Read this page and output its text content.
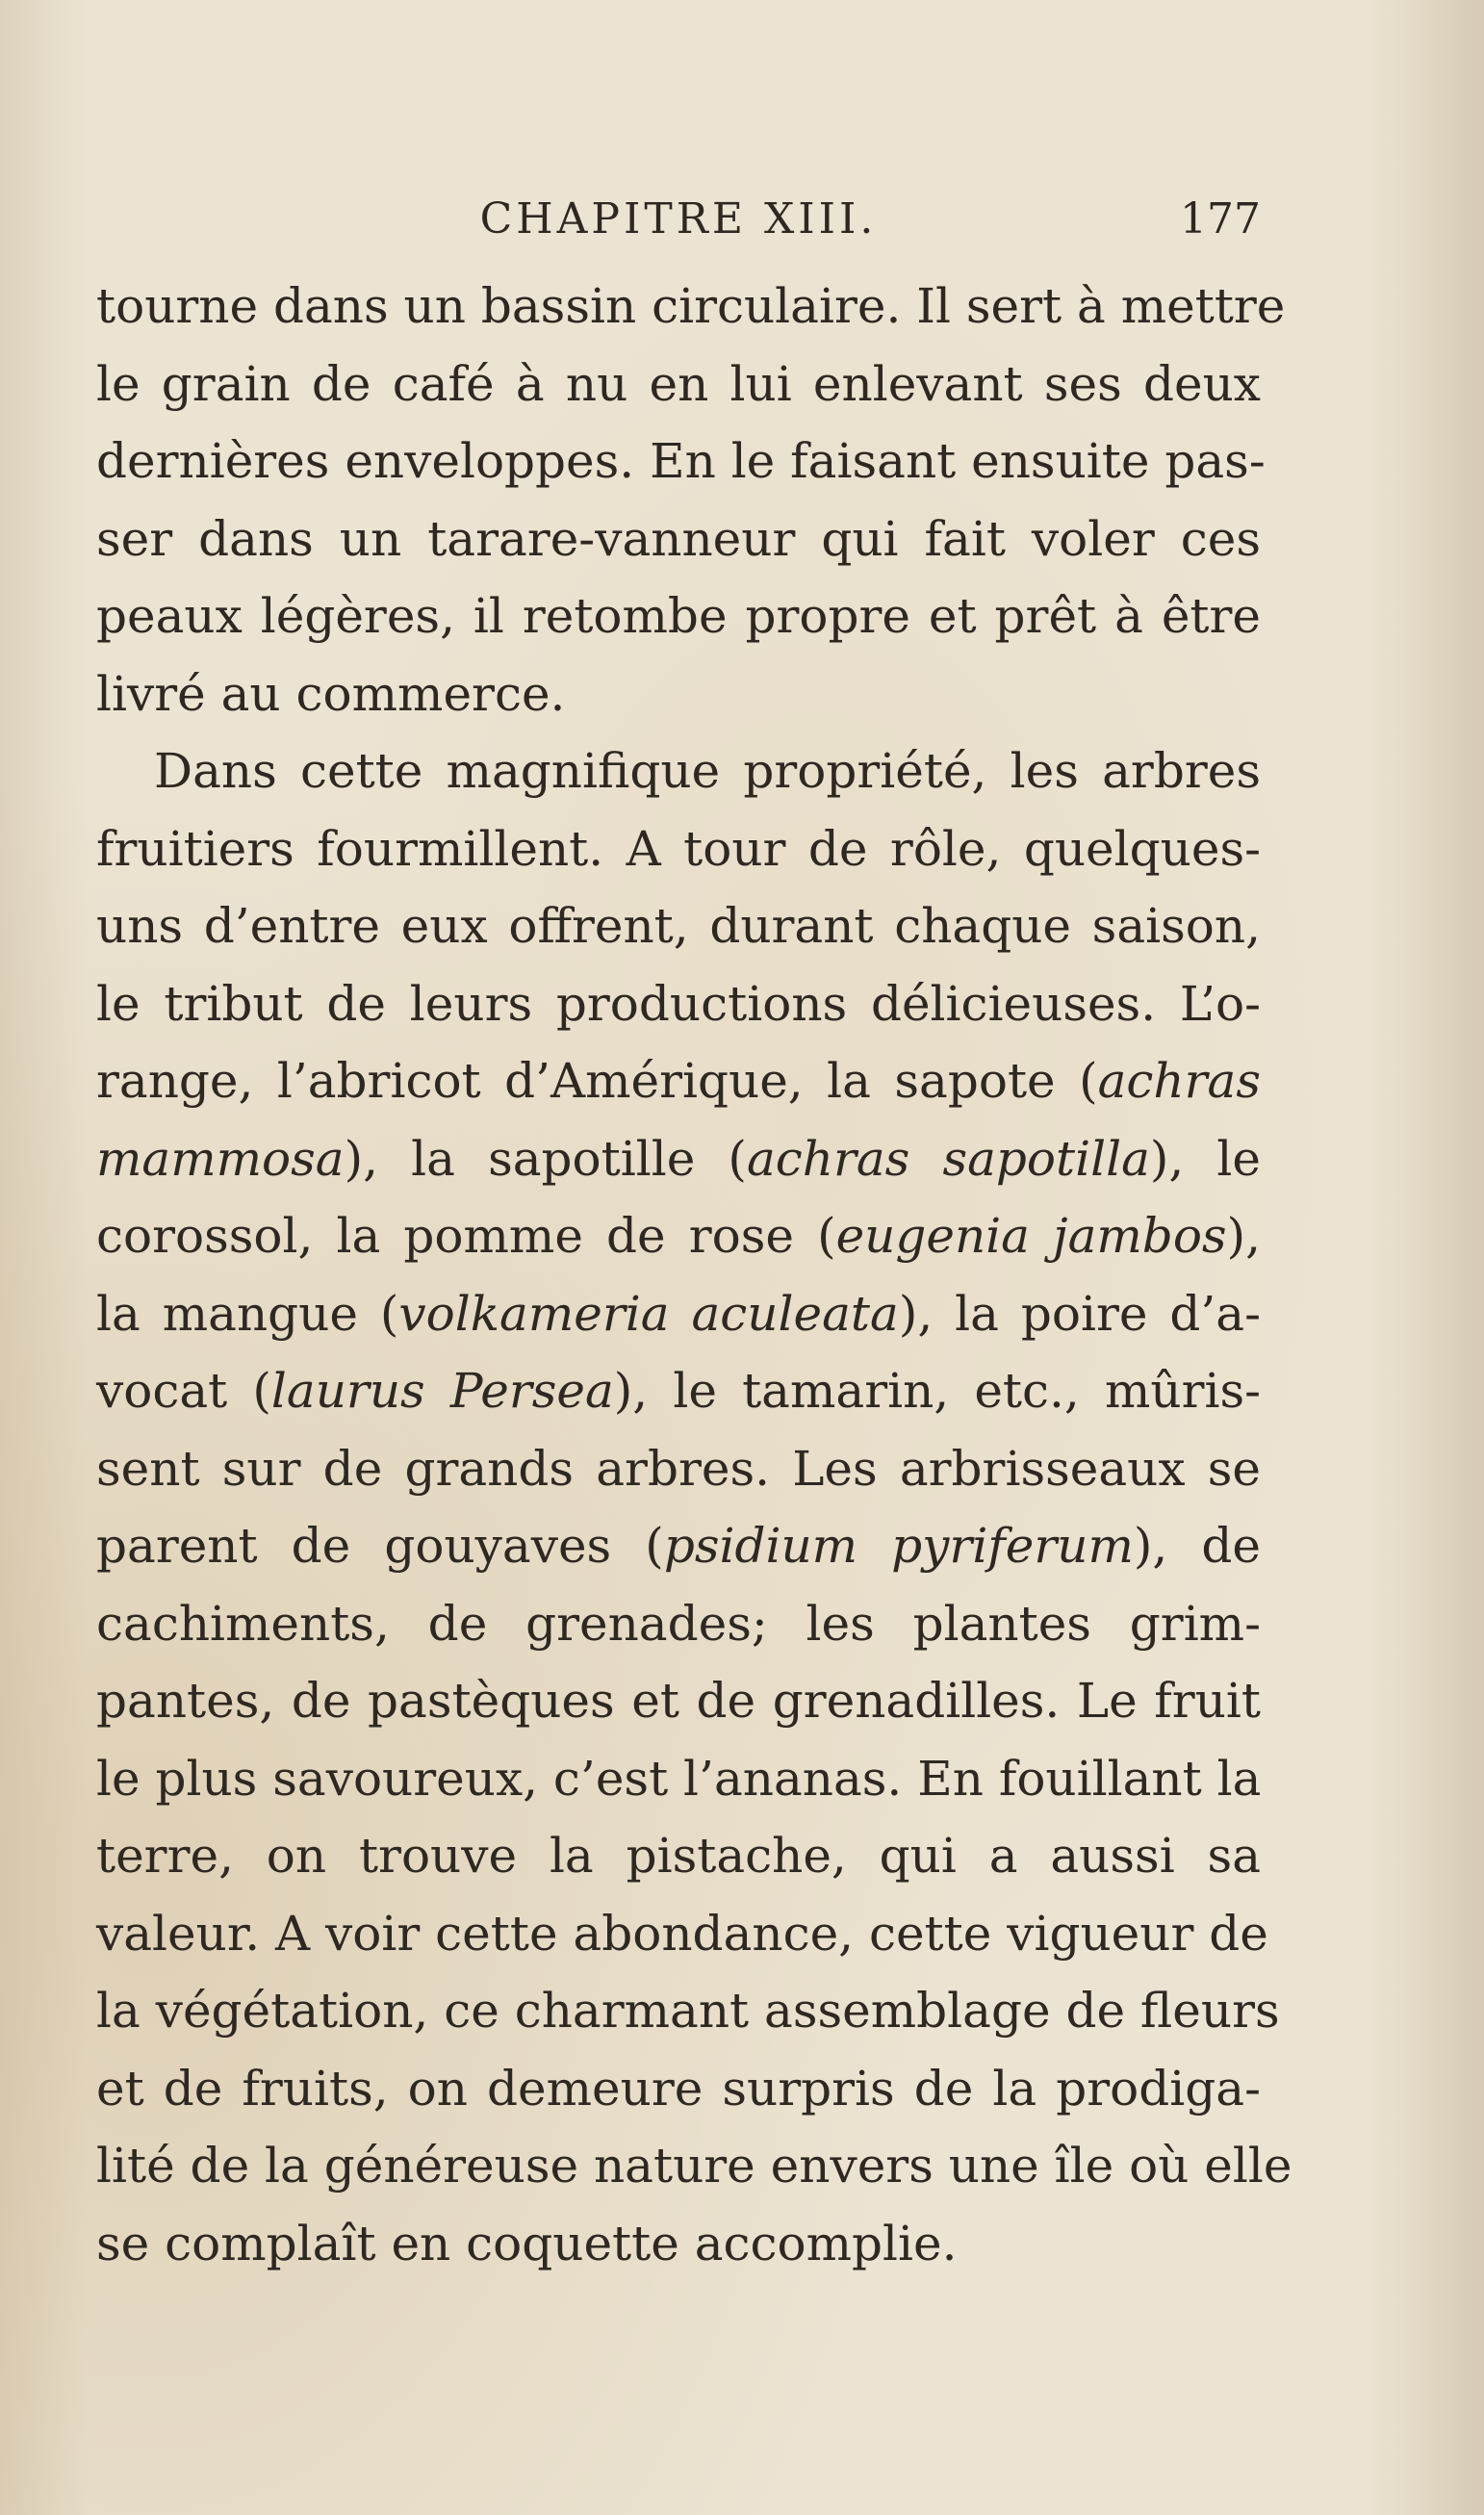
CHAPITRE XIII.	177
tourne dans un bassin circulaire. Il sert à mettre
le grain de café à nu en lui enlevant ses deux
dernières enveloppes. En le faisant ensuite pas-
ser dans un tarare-vanneur qui fait voler ces
peaux légères, il retombe propre et prêt à être
livré au commerce.
Dans cette magnifique propriété, les arbres
fruitiers fourmillent. A tour de rôle, quelques-
uns d’entre eux offrent, durant chaque saison,
le tribut de leurs productions délicieuses. L’o-
range, l’abricot d’Amérique, la sapote (achras
mammosa), la sapotille (achras sapotilla), le
corossol, la pomme de rose (eugenia jambos),
la mangue (volkameria aculeata), la poire d’a-
vocat (laurus Persea), le tamarin, etc., mûris-
sent sur de grands arbres. Les arbrisseaux se
parent de gouyaves (psidium pyriferum), de
cachiments, de grenades; les plantes grim-
pantes, de pastèques et de grenadilles. Le fruit
le plus savoureux, c’est l’ananas. En fouillant la
terre, on trouve la pistache, qui a aussi sa
valeur. A voir cette abondance, cette vigueur de
la végétation, ce charmant assemblage de fleurs
et de fruits, on demeure surpris de la prodiga-
lité de la généreuse nature envers une île où elle
se complaît en coquette accomplie.
